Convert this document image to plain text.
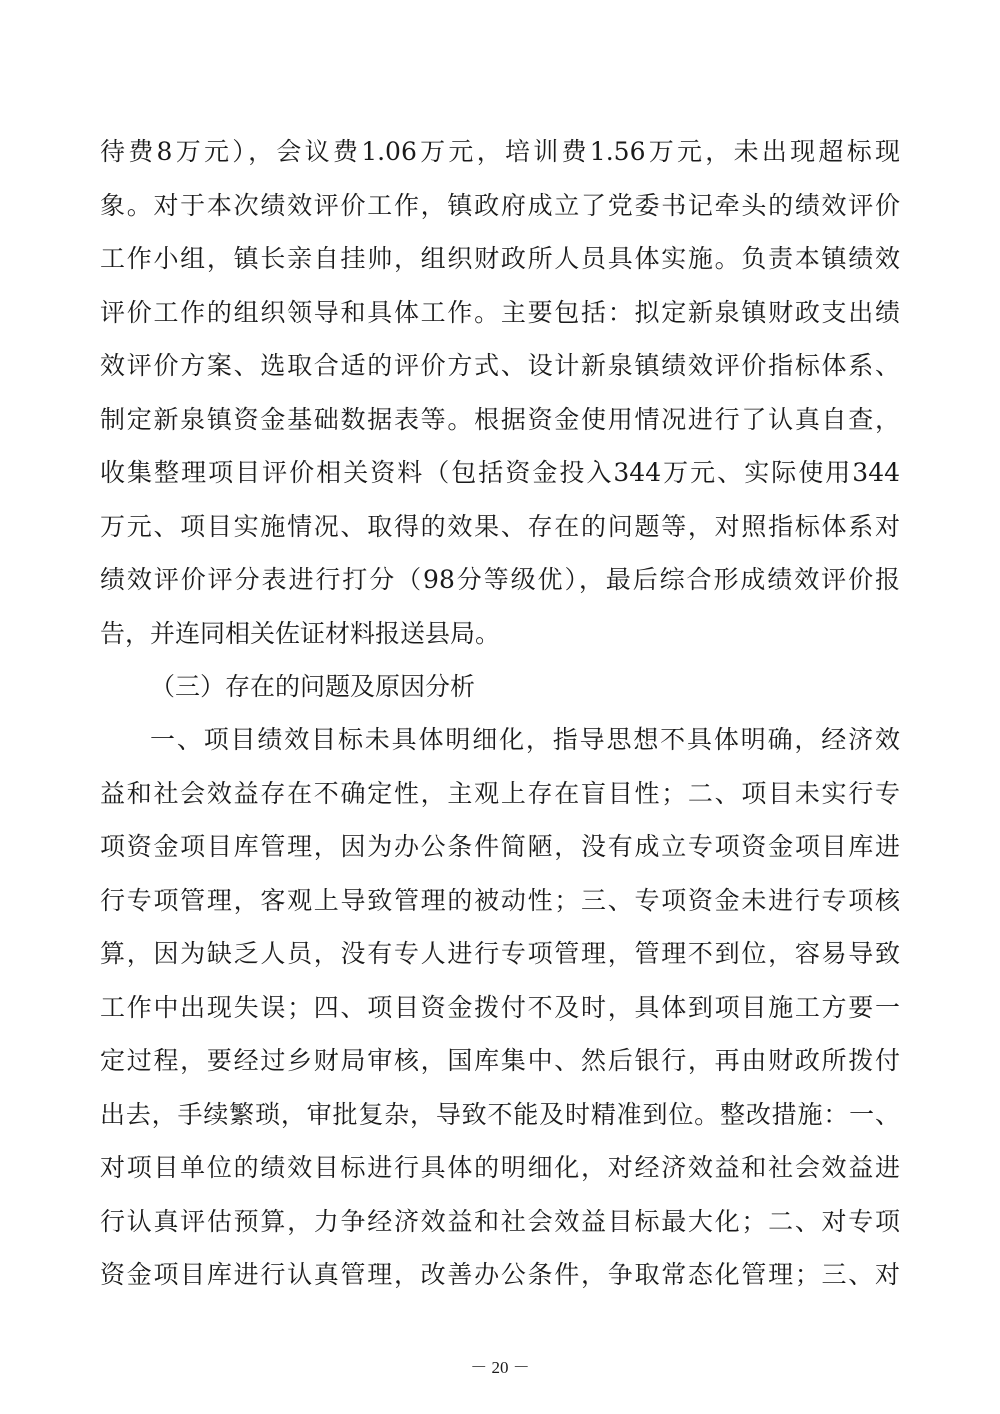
待费8万元），会议费1.06万元，培训费1.56万元，未出现超标现

象。对于本次绩效评价工作，镇政府成立了党委书记牵头的绩效评价

工作小组，镇长亲自挂帅，组织财政所人员具体实施。负责本镇绩效

评价工作的组织领导和具体工作。主要包括：拟定新泉镇财政支出绩

效评价方案、选取合适的评价方式、设计新泉镇绩效评价指标体系、

制定新泉镇资金基础数据表等。根据资金使用情况进行了认真自查，

收集整理项目评价相关资料（包括资金投入344万元、实际使用344

万元、项目实施情况、取得的效果、存在的问题等，对照指标体系对

绩效评价评分表进行打分（98分等级优），最后综合形成绩效评价报

告，并连同相关佐证材料报送县局。

（三）存在的问题及原因分析

一、项目绩效目标未具体明细化，指导思想不具体明确，经济效

益和社会效益存在不确定性，主观上存在盲目性；二、项目未实行专

项资金项目库管理，因为办公条件简陋，没有成立专项资金项目库进

行专项管理，客观上导致管理的被动性；三、专项资金未进行专项核

算，因为缺乏人员，没有专人进行专项管理，管理不到位，容易导致

工作中出现失误；四、项目资金拨付不及时，具体到项目施工方要一

定过程，要经过乡财局审核，国库集中、然后银行，再由财政所拨付

出去，手续繁琐，审批复杂，导致不能及时精准到位。整改措施：一、

对项目单位的绩效目标进行具体的明细化，对经济效益和社会效益进

行认真评估预算，力争经济效益和社会效益目标最大化；二、对专项

资金项目库进行认真管理，改善办公条件，争取常态化管理；三、对

－ 20 －
